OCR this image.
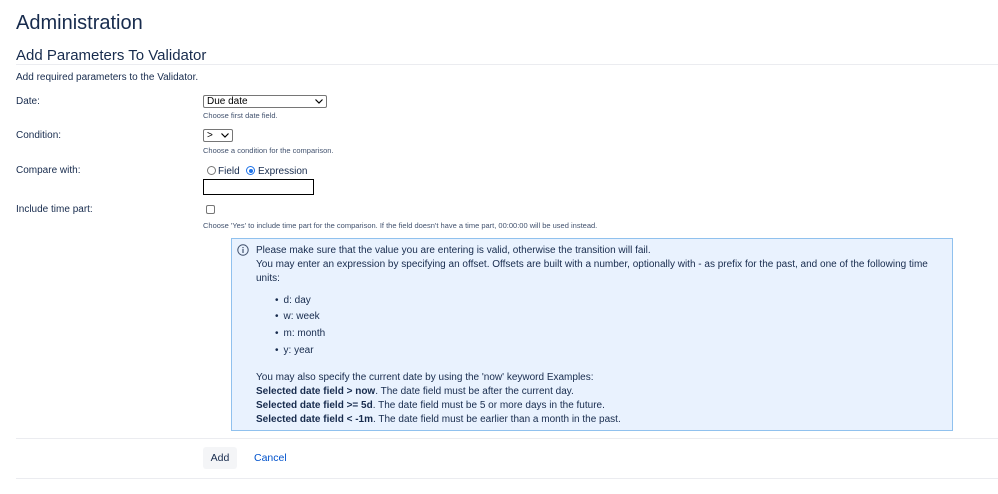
Administration
Add Parameters To Validator
Add required parameters to the Validator.
Date:	Due date
Choose first date field.
Condition:	>
Choose a condition for the comparison.
Compare with:	Field Expression
Include time part:
Choose 'Yes' to include time part for the comparison. If the field doesn't have a time part, 00:00:00 will be used instead.
Please make sure that the value you are entering is valid, otherwise the transition will fail.
You may enter an expression by specifying an offset. Offsets are built with a number, optionally with - as prefix for the past, and one of the following time
units:
• d: day
• w: week
• m: month
• y: year
You may also specify the current date by using the 'now' keyword Examples:
Selected date field > now. The date field must be after the current day.
Selected date field >= 5d. The date field must be 5 or more days in the future.
Selected date field < -1m. The date field must be earlier than a month in the past.
Add	Cancel
